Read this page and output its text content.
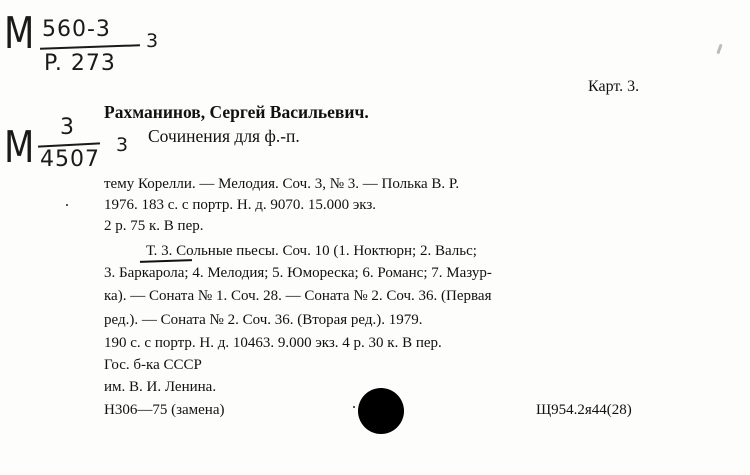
M 560-3
P. 273
3
M 3
4507
3
Карт. 3.
Рахманинов, Сергей Васильевич.
Сочинения для ф.-п.
тему Корелли. — Мелодия. Соч. 3, № 3. — Полька В. Р.
1976. 183 с. с портр. Н. д. 9070. 15.000 экз.
2 р. 75 к. В пер.
Т. 3. Сольные пьесы. Соч. 10 (1. Ноктюрн; 2. Вальс;
3. Баркарола; 4. Мелодия; 5. Юмореска; 6. Романс; 7. Мазур-
ка). — Соната № 1. Соч. 28. — Соната № 2. Соч. 36. (Первая
ред.). — Соната № 2. Соч. 36. (Вторая ред.). 1979.
190 с. с портр. Н. д. 10463. 9.000 экз. 4 р. 30 к. В пер.
Гос. б-ка СССР
им. В. И. Ленина.
Н306—75 (замена)	Щ954.2я44(28)
